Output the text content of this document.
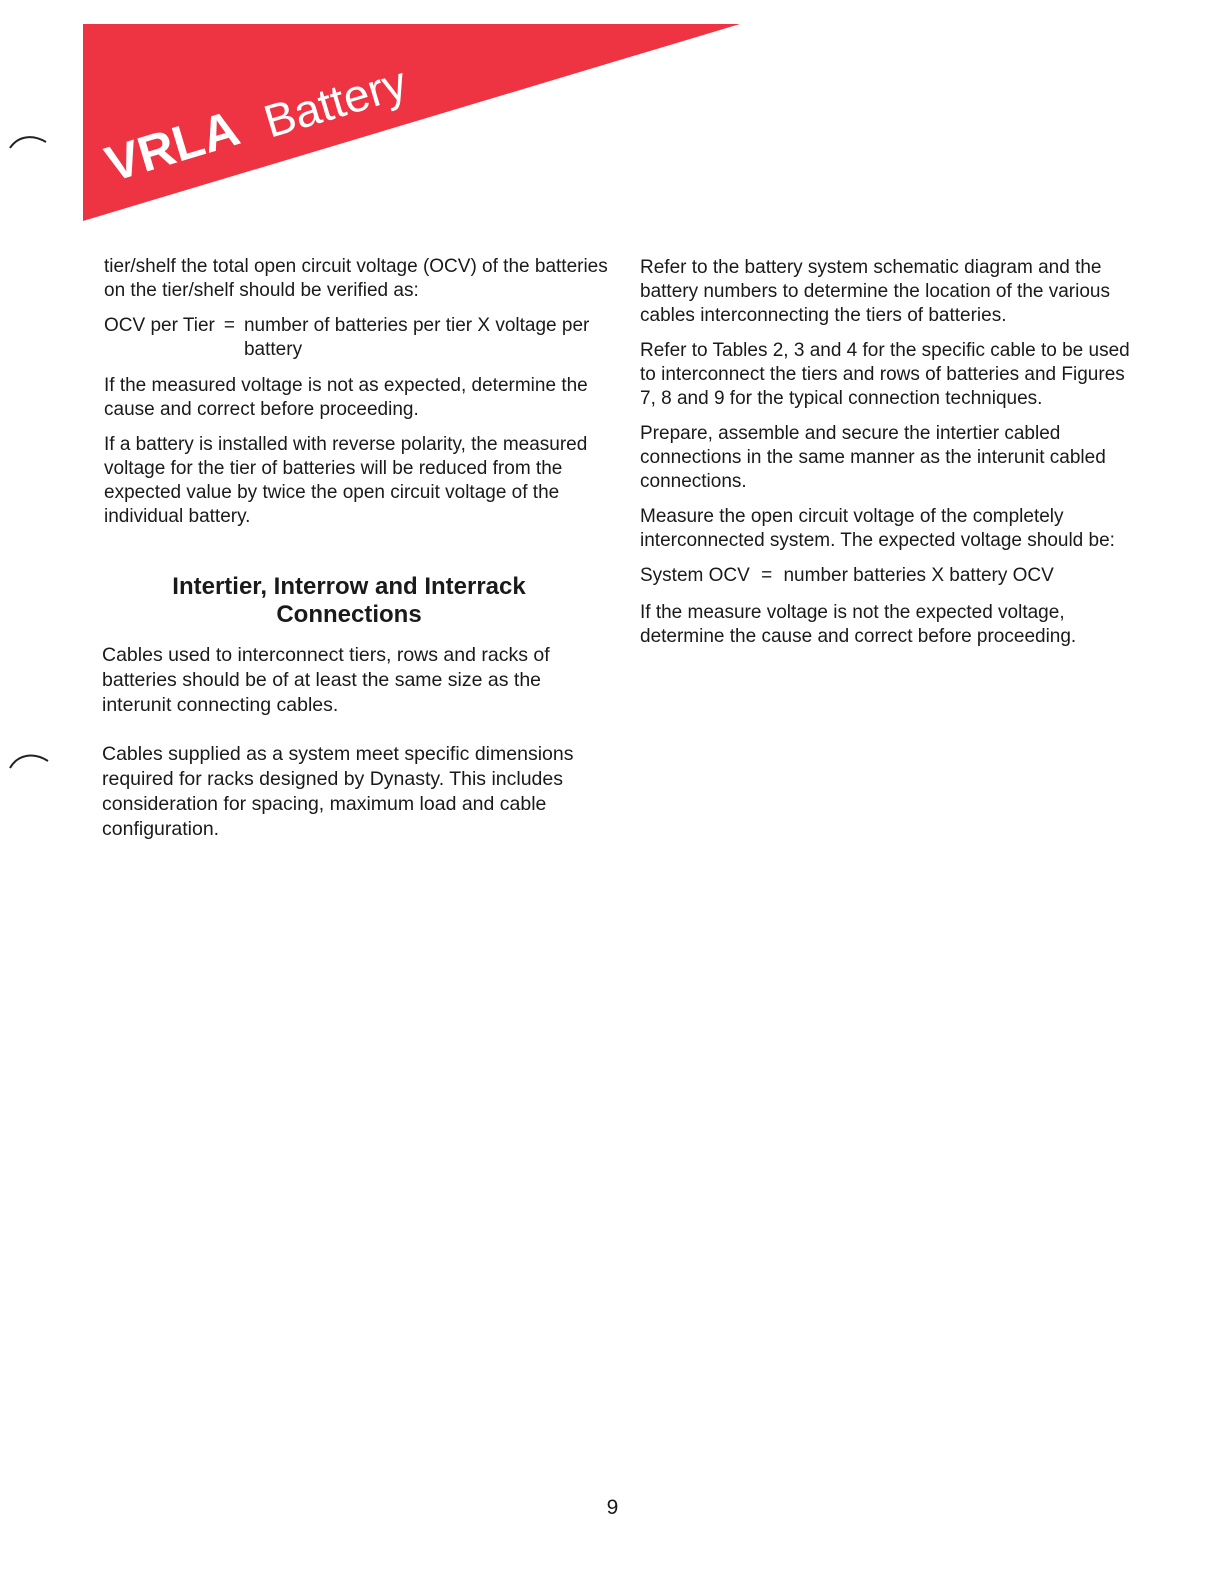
VRLA Battery

tier/shelf the total open circuit voltage (OCV) of the batteries on the tier/shelf should be verified as:

OCV per Tier = number of batteries per tier X voltage per battery

If the measured voltage is not as expected, determine the cause and correct before proceeding.

If a battery is installed with reverse polarity, the measured voltage for the tier of batteries will be reduced from the expected value by twice the open circuit voltage of the individual battery.

Intertier, Interrow and Interrack
Connections

Cables used to interconnect tiers, rows and racks of batteries should be of at least the same size as the interunit connecting cables.

Cables supplied as a system meet specific dimensions required for racks designed by Dynasty. This includes consideration for spacing, maximum load and cable configuration.

Refer to the battery system schematic diagram and the battery numbers to determine the location of the various cables interconnecting the tiers of batteries.

Refer to Tables 2, 3 and 4 for the specific cable to be used to interconnect the tiers and rows of batteries and Figures 7, 8 and 9 for the typical connection techniques.

Prepare, assemble and secure the intertier cabled connections in the same manner as the interunit cabled connections.

Measure the open circuit voltage of the completely interconnected system. The expected voltage should be:

System OCV = number batteries X battery OCV

If the measure voltage is not the expected voltage, determine the cause and correct before proceeding.

9
